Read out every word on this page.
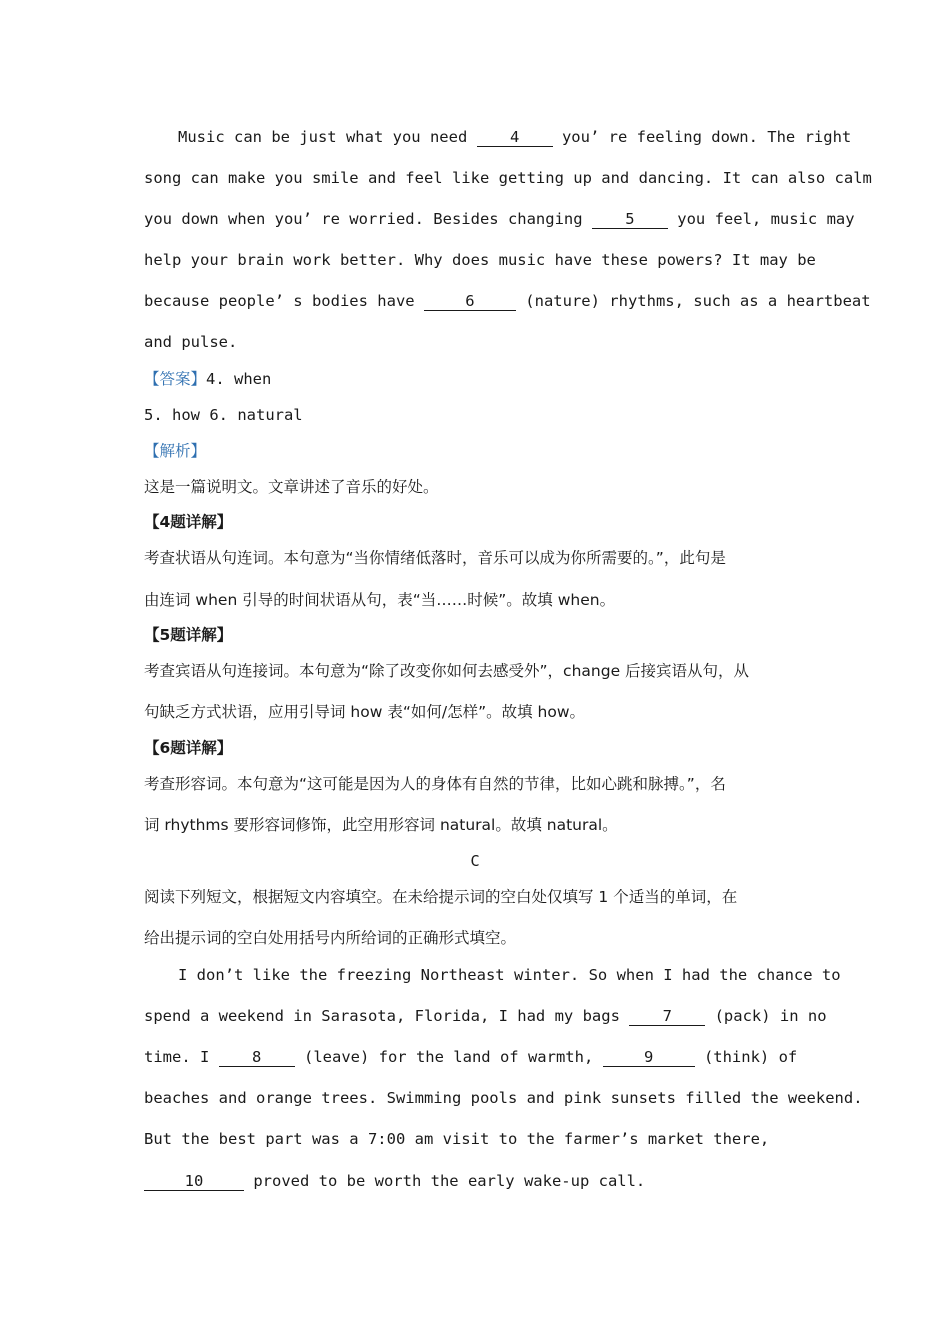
Music can be just what you need 4 you’ re feeling down. The right
song can make you smile and feel like getting up and dancing. It can also calm
you down when you’ re worried. Besides changing 5 you feel, music may
help your brain work better. Why does music have these powers? It may be
because people’ s bodies have	6	(nature) rhythms, such as a heartbeat
and pulse.
【答案】4. when
5. how 6. natural
【解析】
这是一篇说明文。文章讲述了音乐的好处。
【4题详解】
考查状语从句连词。本句意为“当你情绪低落时，音乐可以成为你所需要的。”，此句是
由连词 when 引导的时间状语从句，表“当……时候”。故填 when。
【5题详解】
考查宾语从句连接词。本句意为“除了改变你如何去感受外”，change 后接宾语从句，从
句缺乏方式状语，应用引导词 how 表“如何/怎样”。故填 how。
【6题详解】
考查形容词。本句意为“这可能是因为人的身体有自然的节律，比如心跳和脉搏。”，名
词 rhythms 要形容词修饰，此空用形容词 natural。故填 natural。
C
阅读下列短文，根据短文内容填空。在未给提示词的空白处仅填写 1 个适当的单词，在
给出提示词的空白处用括号内所给词的正确形式填空。
I don’t like the freezing Northeast winter. So when I had the chance to
spend a weekend in Sarasota, Florida, I had my bags 7 (pack) in no
time. I 8 (leave) for the land of warmth,	9	(think) of
beaches and orange trees. Swimming pools and pink sunsets filled the weekend.
But the best part was a 7:00 am visit to the farmer’s market there,
10	proved to be worth the early wake-up call.
